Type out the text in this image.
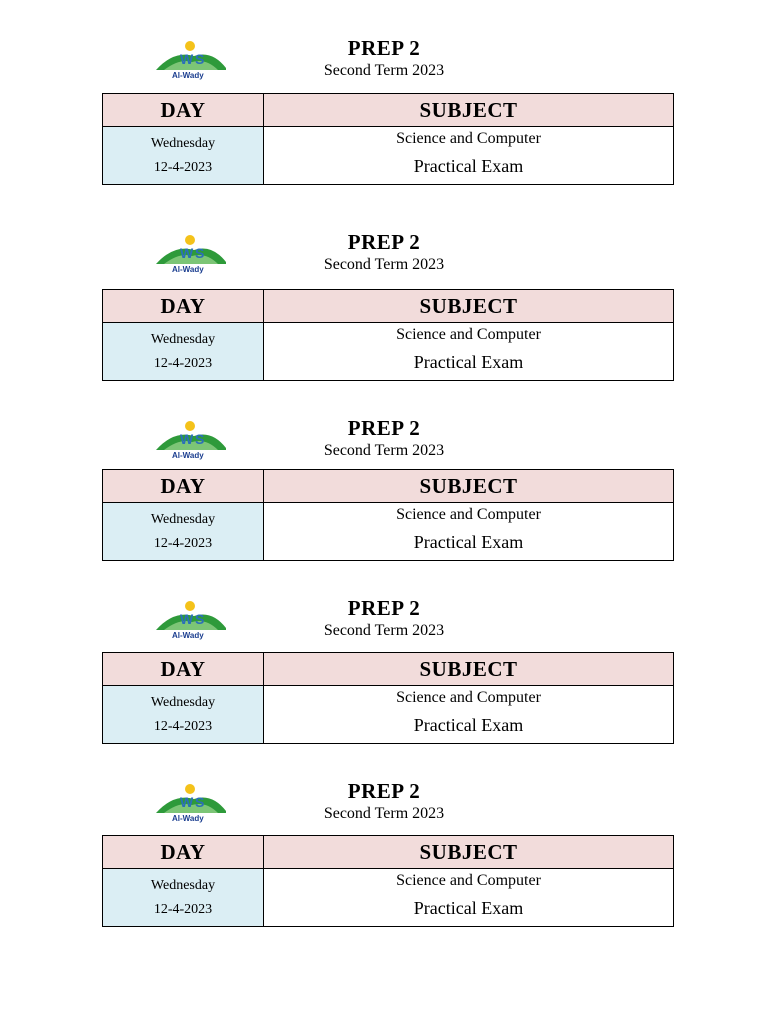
W S
Al-Wady
PREP 2
Second Term 2023
DAY	SUBJECT

Wednesday
12-4-2023	Science and Computer
Practical Exam
W S
Al-Wady
PREP 2
Second Term 2023
DAY	SUBJECT

Wednesday
12-4-2023	Science and Computer
Practical Exam
W S
Al-Wady
PREP 2
Second Term 2023
DAY	SUBJECT

Wednesday
12-4-2023	Science and Computer
Practical Exam
W S
Al-Wady
PREP 2
Second Term 2023
DAY	SUBJECT

Wednesday
12-4-2023	Science and Computer
Practical Exam
W S
Al-Wady
PREP 2
Second Term 2023
DAY	SUBJECT

Wednesday
12-4-2023	Science and Computer
Practical Exam
